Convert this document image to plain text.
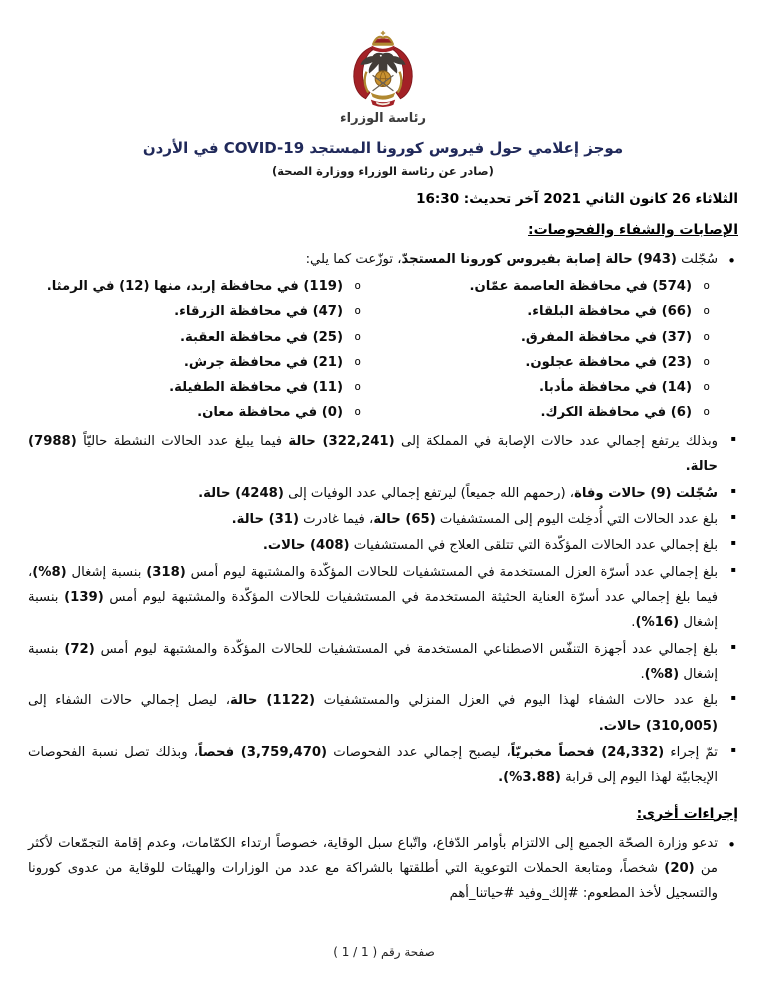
رئاسة الوزراء
موجز إعلامي حول فيروس كورونا المستجد COVID-19 في الأردن
(صادر عن رئاسة الوزراء ووزارة الصحة)
الثلاثاء 26 كانون الثاني 2021 آخر تحديث: 16:30
الإصابات والشفاء والفحوصات:
• سُجّلت (943) حالة إصابة بفيروس كورونا المستجدّ، توزّعت كما يلي:
o (574) في محافظة العاصمة عمّان.
o (66) في محافظة البلقاء.
o (37) في محافظة المفرق.
o (23) في محافظة عجلون.
o (14) في محافظة مأدبا.
o (6) في محافظة الكرك.
o (119) في محافظة إربد، منها (12) في الرمثا.
o (47) في محافظة الزرقاء.
o (25) في محافظة العقبة.
o (21) في محافظة جرش.
o (11) في محافظة الطفيلة.
o (0) في محافظة معان.
▪ وبذلك يرتفع إجمالي عدد حالات الإصابة في المملكة إلى (322,241) حالة فيما يبلغ عدد الحالات النشطة حاليّاً (7988) حالة.
▪ سُجّلت (9) حالات وفاة، (رحمهم الله جميعاً) ليرتفع إجمالي عدد الوفيات إلى (4248) حالة.
▪ بلغ عدد الحالات التي أُدخِلت اليوم إلى المستشفيات (65) حالة، فيما غادرت (31) حالة.
▪ بلغ إجمالي عدد الحالات المؤكّدة التي تتلقى العلاج في المستشفيات (408) حالات.
▪ بلغ إجمالي عدد أسرّة العزل المستخدمة في المستشفيات للحالات المؤكّدة والمشتبهة ليوم أمس (318) بنسبة إشغال (%8)، فيما بلغ إجمالي عدد أسرّة العناية الحثيثة المستخدمة في المستشفيات للحالات المؤكّدة والمشتبهة ليوم أمس (139) بنسبة إشغال (%16).
▪ بلغ إجمالي عدد أجهزة التنفّس الاصطناعي المستخدمة في المستشفيات للحالات المؤكّدة والمشتبهة ليوم أمس (72) بنسبة إشغال (%8).
▪ بلغ عدد حالات الشفاء لهذا اليوم في العزل المنزلي والمستشفيات (1122) حالة، ليصل إجمالي حالات الشفاء إلى (310,005) حالات.
▪ تمّ إجراء (24,332) فحصاً مخبريّاً، ليصبح إجمالي عدد الفحوصات (3,759,470) فحصاً، وبذلك تصل نسبة الفحوصات الإيجابيّة لهذا اليوم إلى قرابة (%3.88).
إجراءات أخرى:
• تدعو وزارة الصحّة الجميع إلى الالتزام بأوامر الدّفاع، واتّباع سبل الوقاية، خصوصاً ارتداء الكمّامات، وعدم إقامة التجمّعات لأكثر من (20) شخصاً، ومتابعة الحملات التوعوية التي أطلقتها بالشراكة مع عدد من الوزارات والهيئات للوقاية من عدوى كورونا والتسجيل لأخذ المطعوم: #إلك_وفيد #حياتنا_أهم
صفحة رقم ( 1 / 1 )
